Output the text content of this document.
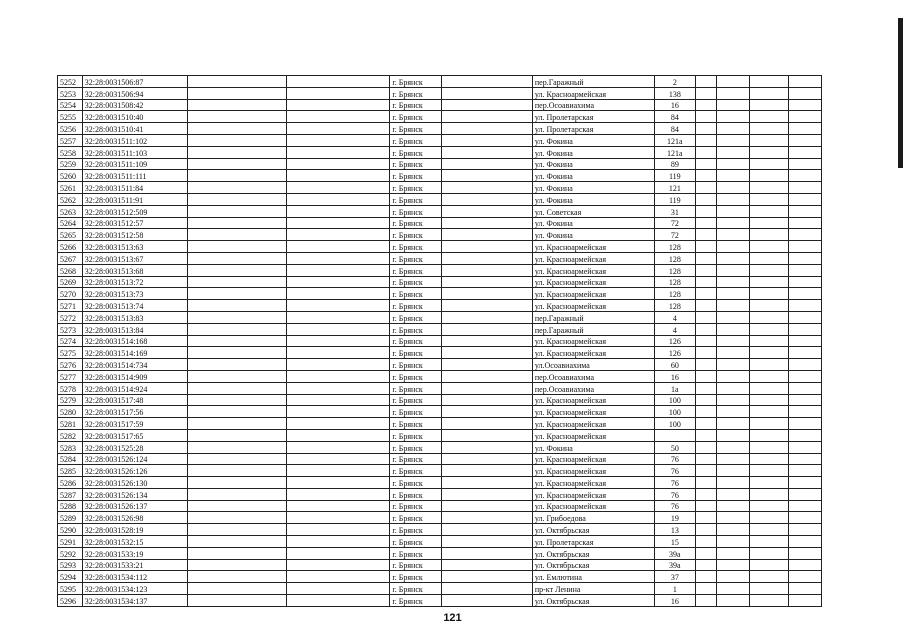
5252	32:28:0031506:87			г. Брянск		пер.Гаражный	2				
5253	32:28:0031506:94			г. Брянск		ул. Красноармейская	138				
5254	32:28:0031508:42			г. Брянск		пер.Осоавиахима	16				
5255	32:28:0031510:40			г. Брянск		ул. Пролетарская	84				
5256	32:28:0031510:41			г. Брянск		ул. Пролетарская	84				
5257	32:28:0031511:102			г. Брянск		ул. Фокина	121а				
5258	32:28:0031511:103			г. Брянск		ул. Фокина	121а				
5259	32:28:0031511:109			г. Брянск		ул. Фокина	89				
5260	32:28:0031511:111			г. Брянск		ул. Фокина	119				
5261	32:28:0031511:84			г. Брянск		ул. Фокина	121				
5262	32:28:0031511:91			г. Брянск		ул. Фокина	119				
5263	32:28:0031512:509			г. Брянск		ул. Советская	31				
5264	32:28:0031512:57			г. Брянск		ул. Фокина	72				
5265	32:28:0031512:58			г. Брянск		ул. Фокина	72				
5266	32:28:0031513:63			г. Брянск		ул. Красноармейская	128				
5267	32:28:0031513:67			г. Брянск		ул. Красноармейская	128				
5268	32:28:0031513:68			г. Брянск		ул. Красноармейская	128				
5269	32:28:0031513:72			г. Брянск		ул. Красноармейская	128				
5270	32:28:0031513:73			г. Брянск		ул. Красноармейская	128				
5271	32:28:0031513:74			г. Брянск		ул. Красноармейская	128				
5272	32:28:0031513:83			г. Брянск		пер.Гаражный	4				
5273	32:28:0031513:84			г. Брянск		пер.Гаражный	4				
5274	32:28:0031514:168			г. Брянск		ул. Красноармейская	126				
5275	32:28:0031514:169			г. Брянск		ул. Красноармейская	126				
5276	32:28:0031514:734			г. Брянск		ул.Осоавиахима	60				
5277	32:28:0031514:909			г. Брянск		пер.Осоавиахима	16				
5278	32:28:0031514:924			г. Брянск		пер.Осоавиахима	1а				
5279	32:28:0031517:48			г. Брянск		ул. Красноармейская	100				
5280	32:28:0031517:56			г. Брянск		ул. Красноармейская	100				
5281	32:28:0031517:59			г. Брянск		ул. Красноармейская	100				
5282	32:28:0031517:65			г. Брянск		ул. Красноармейская					
5283	32:28:0031525:28			г. Брянск		ул. Фокина	50				
5284	32:28:0031526:124			г. Брянск		ул. Красноармейская	76				
5285	32:28:0031526:126			г. Брянск		ул. Красноармейская	76				
5286	32:28:0031526:130			г. Брянск		ул. Красноармейская	76				
5287	32:28:0031526:134			г. Брянск		ул. Красноармейская	76				
5288	32:28:0031526:137			г. Брянск		ул. Красноармейская	76				
5289	32:28:0031526:98			г. Брянск		ул. Грибоедова	19				
5290	32:28:0031528:19			г. Брянск		ул. Октябрьская	13				
5291	32:28:0031532:15			г. Брянск		ул. Пролетарская	15				
5292	32:28:0031533:19			г. Брянск		ул. Октябрьская	39а				
5293	32:28:0031533:21			г. Брянск		ул. Октябрьская	39а				
5294	32:28:0031534:112			г. Брянск		ул. Емлютина	37				
5295	32:28:0031534:123			г. Брянск		пр-кт Ленина	1				
5296	32:28:0031534:137			г. Брянск		ул. Октябрьская	16				
121
